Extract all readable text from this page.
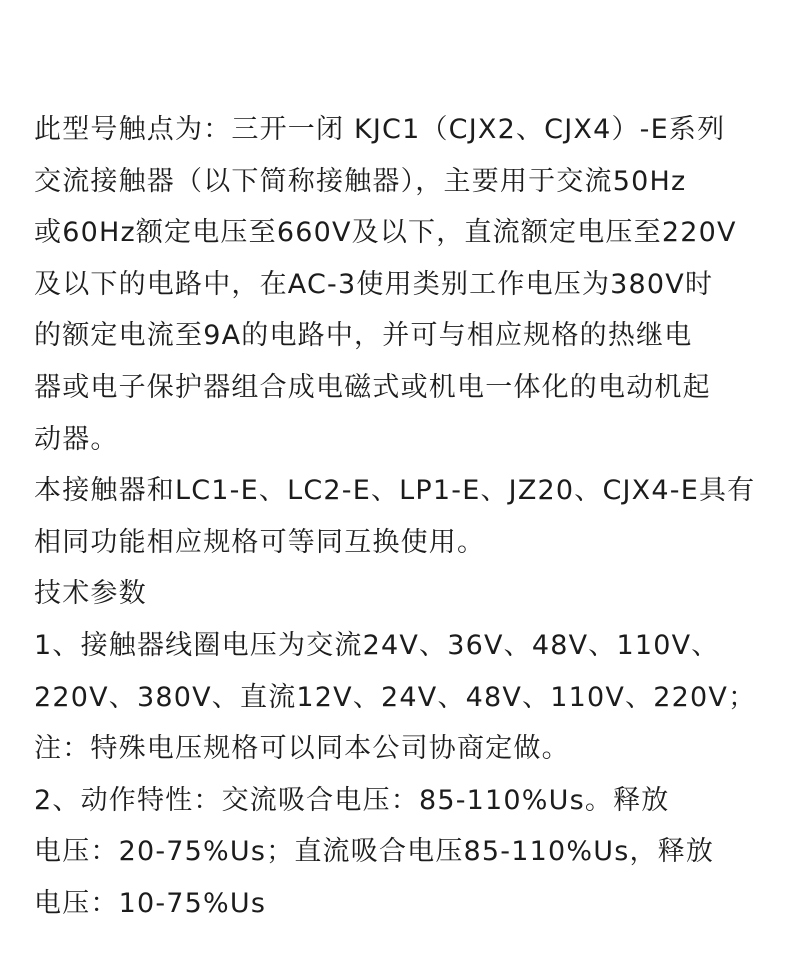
此型号触点为：三开一闭 KJC1（CJX2、CJX4）-E系列
交流接触器（以下简称接触器），主要用于交流50Hz
或60Hz额定电压至660V及以下，直流额定电压至220V
及以下的电路中，在AC-3使用类别工作电压为380V时
的额定电流至9A的电路中，并可与相应规格的热继电
器或电子保护器组合成电磁式或机电一体化的电动机起
动器。
本接触器和LC1-E、LC2-E、LP1-E、JZ20、CJX4-E具有
相同功能相应规格可等同互换使用。
技术参数
1、接触器线圈电压为交流24V、36V、48V、110V、
220V、380V、直流12V、24V、48V、110V、220V；
注：特殊电压规格可以同本公司协商定做。
2、动作特性：交流吸合电压：85-110%Us。释放
电压：20-75%Us；直流吸合电压85-110%Us，释放
电压：10-75%Us
